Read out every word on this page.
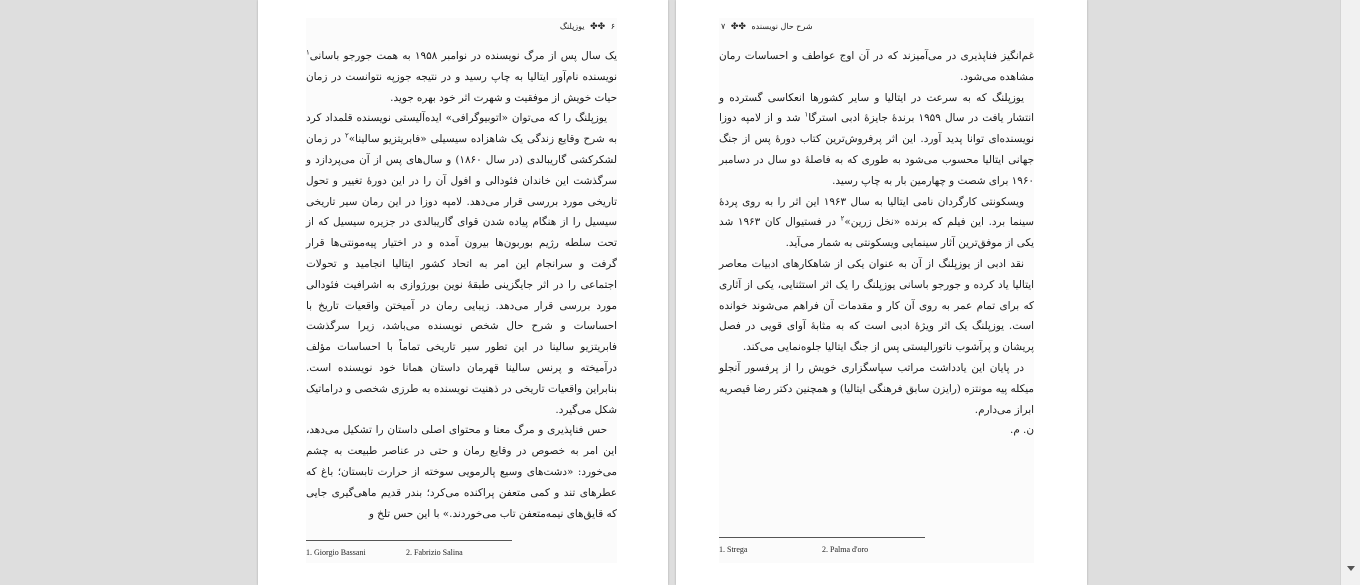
۶ ✤✤ یوزپلنگ

یک سال پس از مرگ نویسنده در نوامبر ۱۹۵۸ به همت جورجو باسانی$^۱$ نویسنده نام‌آور ایتالیا به چاپ رسید و در نتیجه جوزپه نتوانست در زمان حیات خویش از موفقیت و شهرت اثر خود بهره جوید.

یوزپلنگ را که می‌توان «اتوبیوگرافی» ایده‌آلیستی نویسنده قلمداد کرد به شرح وقایع زندگی یک شاهزاده سیسیلی «فابریتزیو سالینا»$^۲$ در زمان لشکرکشی گاریبالدی (در سال ۱۸۶۰) و سال‌های پس از آن می‌پردازد و سرگذشت این خاندان فئودالی و افول آن را در این دورهٔ تغییر و تحول تاریخی مورد بررسی قرار می‌دهد. لامپه دوزا در این رمان سیر تاریخی سیسیل را از هنگام پیاده شدن قوای گاریبالدی در جزیره سیسیل که از تحت سلطه رژیم بوربون‌ها بیرون آمده و در اختیار پیه‌مونتی‌ها قرار گرفت و سرانجام این امر به اتحاد کشور ایتالیا انجامید و تحولات اجتماعی را در اثر جایگزینی طبقهٔ نوین بورژوازی به اشرافیت فئودالی مورد بررسی قرار می‌دهد. زیبایی رمان در آمیختن واقعیات تاریخ با احساسات و شرح حال شخص نویسنده می‌باشد، زیرا سرگذشت فابریتزیو سالینا در این تطور سیر تاریخی تماماً با احساسات مؤلف درآمیخته و پرنس سالینا قهرمان داستان همانا خود نویسنده است. بنابراین واقعیات تاریخی در ذهنیت نویسنده به طرزی شخصی و دراماتیک شکل می‌گیرد.

حس فناپذیری و مرگ معنا و محتوای اصلی داستان را تشکیل می‌دهد، این امر به خصوص در وقایع رمان و حتی در عناصر طبیعت به چشم می‌خورد: «دشت‌های وسیع پالرمویی سوخته از حرارت تابستان؛ باغ که عطرهای تند و کمی متعفن پراکنده می‌کرد؛ بندر قدیم ماهی‌گیری جایی که قایق‌های نیمه‌متعفن تاب می‌خوردند.» با این حس تلخ و

1. Giorgio Bassani	2. Fabrizio Salina
۷ ✤✤ شرح حال نویسنده

غم‌انگیز فناپذیری در می‌آمیزند که در آن اوج عواطف و احساسات رمان مشاهده می‌شود.

یوزپلنگ که به سرعت در ایتالیا و سایر کشورها انعکاسی گسترده و انتشار یافت در سال ۱۹۵۹ برندهٔ جایزهٔ ادبی استرگا$^۱$ شد و از لامپه دوزا نویسنده‌ای توانا پدید آورد. این اثر پرفروش‌ترین کتاب دورهٔ پس از جنگ جهانی ایتالیا محسوب می‌شود به طوری که به فاصلهٔ دو سال در دسامبر ۱۹۶۰ برای شصت و چهارمین بار به چاپ رسید.

ویسکونتی کارگردان نامی ایتالیا به سال ۱۹۶۳ این اثر را به روی پردهٔ سینما برد. این فیلم که برنده «نخل زرین»$^۲$ در فستیوال کان ۱۹۶۳ شد یکی از موفق‌ترین آثار سینمایی ویسکونتی به شمار می‌آید.

نقد ادبی از یوزپلنگ از آن به عنوان یکی از شاهکارهای ادبیات معاصر ایتالیا یاد کرده و جورجو باسانی یوزپلنگ را یک اثر استثنایی، یکی از آثاری که برای تمام عمر به روی آن کار و مقدمات آن فراهم می‌شوند خوانده است. یوزپلنگ یک اثر ویژهٔ ادبی است که به مثابهٔ آوای قویی در فصل پریشان و پرآشوب ناتورالیستی پس از جنگ ایتالیا جلوه‌نمایی می‌کند.

در پایان این یادداشت مراتب سپاسگزاری خویش را از پرفسور آنجلو میکله پیه مونتزه (رایزن سابق فرهنگی ایتالیا) و همچنین دکتر رضا قیصریه ابراز می‌دارم.

ن. م.

1. Strega	2. Palma d'oro
